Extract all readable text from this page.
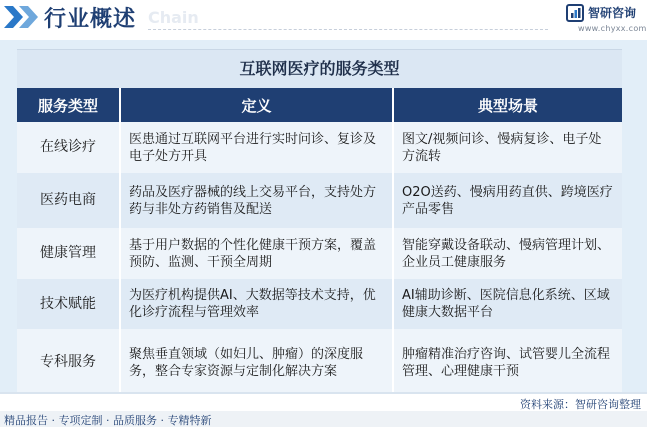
行业概述 Chain	智研咨询
www.chyxx.com
互联网医疗的服务类型
服务类型	定义	典型场景
在线诊疗	医患通过互联网平台进行实时问诊、复诊及电子处方开具	图文/视频问诊、慢病复诊、电子处方流转
医药电商	药品及医疗器械的线上交易平台，支持处方药与非处方药销售及配送	O2O送药、慢病用药直供、跨境医疗产品零售
健康管理	基于用户数据的个性化健康干预方案，覆盖预防、监测、干预全周期	智能穿戴设备联动、慢病管理计划、企业员工健康服务
技术赋能	为医疗机构提供AI、大数据等技术支持，优化诊疗流程与管理效率	AI辅助诊断、医院信息化系统、区域健康大数据平台
专科服务	聚焦垂直领域（如妇儿、肿瘤）的深度服务，整合专家资源与定制化解决方案	肿瘤精准治疗咨询、试管婴儿全流程管理、心理健康干预
资料来源：智研咨询整理
精品报告 · 专项定制 · 品质服务 · 专精特新
